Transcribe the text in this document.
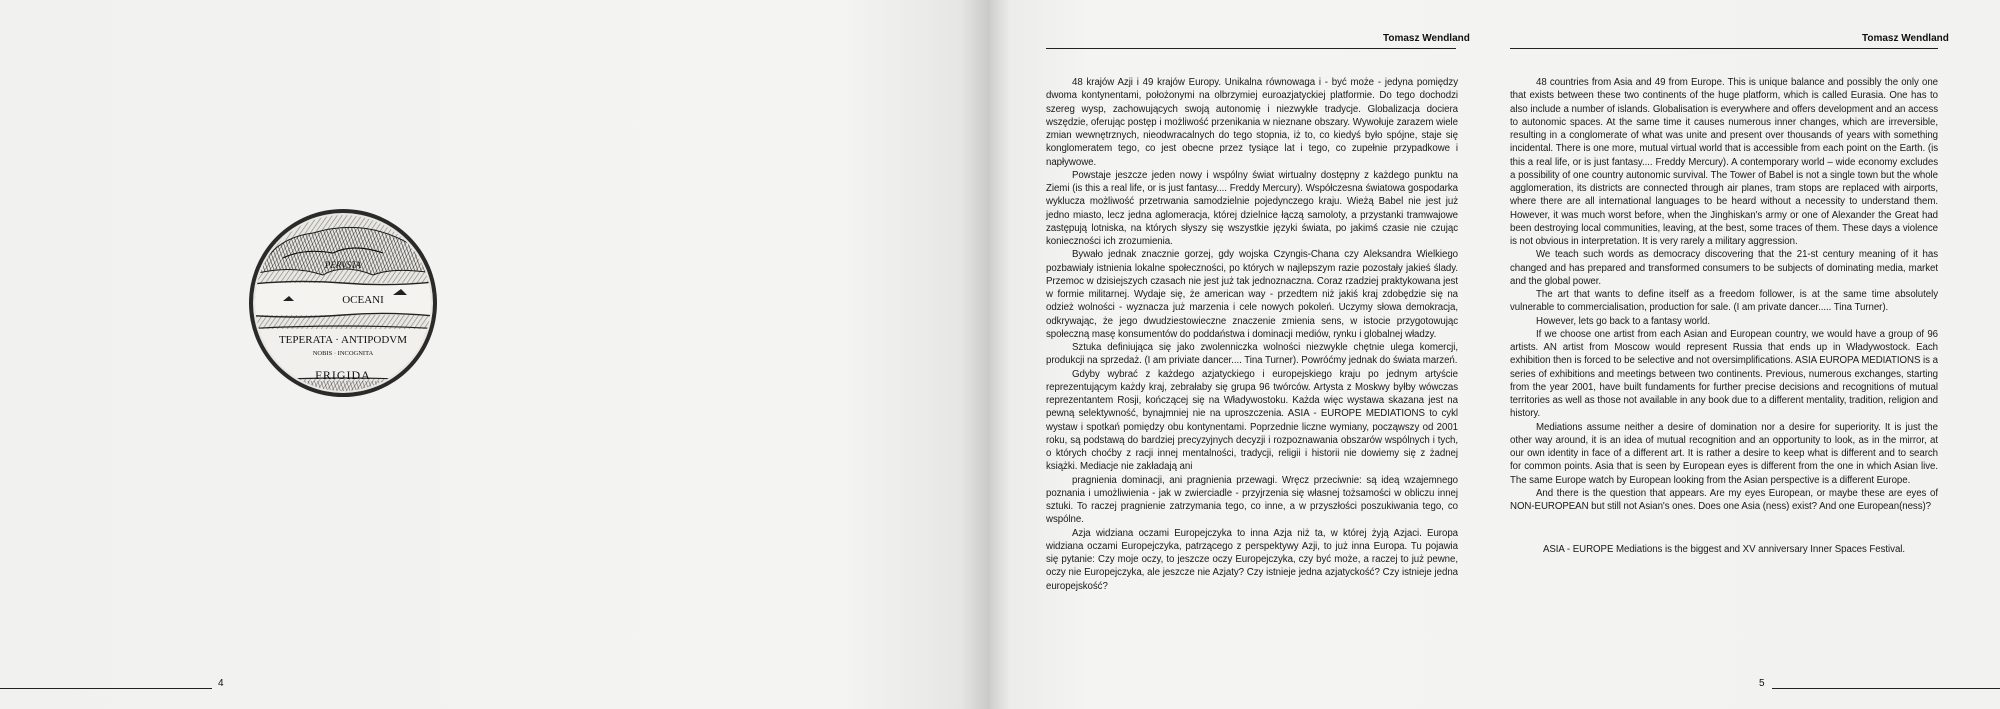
PERVSTA
OCEANI
TEPERATA · ANTIPODVM
NOBIS · INCOGNITA
FRIGIDA
4
Tomasz Wendland	Tomasz Wendland

48 krajów Azji i 49 krajów Europy. Unikalna równowaga i - być może - jedyna pomiędzy dwoma kontynentami, położonymi na olbrzymiej euroazjatyckiej platformie. Do tego dochodzi szereg wysp, zachowujących swoją autonomię i niezwykłe tradycje. Globalizacja dociera wszędzie, oferując postęp i możliwość przenikania w nieznane obszary. Wywołuje zarazem wiele zmian wewnętrznych, nieodwracalnych do tego stopnia, iż to, co kiedyś było spójne, staje się konglomeratem tego, co jest obecne przez tysiące lat i tego, co zupełnie przypadkowe i napływowe.

Powstaje jeszcze jeden nowy i wspólny świat wirtualny dostępny z każdego punktu na Ziemi (is this a real life, or is just fantasy.... Freddy Mercury). Współczesna światowa gospodarka wyklucza możliwość przetrwania samodzielnie pojedynczego kraju. Wieżą Babel nie jest już jedno miasto, lecz jedna aglomeracja, której dzielnice łączą samoloty, a przystanki tramwajowe zastępują lotniska, na których słyszy się wszystkie języki świata, po jakimś czasie nie czując konieczności ich zrozumienia.

Bywało jednak znacznie gorzej, gdy wojska Czyngis-Chana czy Aleksandra Wielkiego pozbawiały istnienia lokalne społeczności, po których w najlepszym razie pozostały jakieś ślady. Przemoc w dzisiejszych czasach nie jest już tak jednoznaczna. Coraz rzadziej praktykowana jest w formie militarnej. Wydaje się, że american way - przedtem niż jakiś kraj zdobędzie się na odzież wolności - wyznacza już marzenia i cele nowych pokoleń. Uczymy słowa demokracja, odkrywając, że jego dwudziestowieczne znaczenie zmienia sens, w istocie przygotowując społeczną masę konsumentów do poddaństwa i dominacji mediów, rynku i globalnej władzy.

Sztuka definiująca się jako zwolenniczka wolności niezwykle chętnie ulega komercji, produkcji na sprzedaż. (I am priviate dancer.... Tina Turner). Powróćmy jednak do świata marzeń.

Gdyby wybrać z każdego azjatyckiego i europejskiego kraju po jednym artyście reprezentującym każdy kraj, zebrałaby się grupa 96 twórców. Artysta z Moskwy byłby wówczas reprezentantem Rosji, kończącej się na Władywostoku. Każda więc wystawa skazana jest na pewną selektywność, bynajmniej nie na uproszczenia. ASIA - EUROPE MEDIATIONS to cykl wystaw i spotkań pomiędzy obu kontynentami. Poprzednie liczne wymiany, począwszy od 2001 roku, są podstawą do bardziej precyzyjnych decyzji i rozpoznawania obszarów wspólnych i tych, o których choćby z racji innej mentalności, tradycji, religii i historii nie dowiemy się z żadnej książki. Mediacje nie zakładają ani

pragnienia dominacji, ani pragnienia przewagi. Wręcz przeciwnie: są ideą wzajemnego poznania i umożliwienia - jak w zwierciadle - przyjrzenia się własnej tożsamości w obliczu innej sztuki. To raczej pragnienie zatrzymania tego, co inne, a w przyszłości poszukiwania tego, co wspólne.

Azja widziana oczami Europejczyka to inna Azja niż ta, w której żyją Azjaci. Europa widziana oczami Europejczyka, patrzącego z perspektywy Azji, to już inna Europa. Tu pojawia się pytanie: Czy moje oczy, to jeszcze oczy Europejczyka, czy być może, a raczej to już pewne, oczy nie Europejczyka, ale jeszcze nie Azjaty? Czy istnieje jedna azjatyckość? Czy istnieje jedna europejskość?

48 countries from Asia and 49 from Europe. This is unique balance and possibly the only one that exists between these two continents of the huge platform, which is called Eurasia. One has to also include a number of islands. Globalisation is everywhere and offers development and an access to autonomic spaces. At the same time it causes numerous inner changes, which are irreversible, resulting in a conglomerate of what was unite and present over thousands of years with something incidental. There is one more, mutual virtual world that is accessible from each point on the Earth. (is this a real life, or is just fantasy.... Freddy Mercury). A contemporary world – wide economy excludes a possibility of one country autonomic survival. The Tower of Babel is not a single town but the whole agglomeration, its districts are connected through air planes, tram stops are replaced with airports, where there are all international languages to be heard without a necessity to understand them. However, it was much worst before, when the Jinghiskan's army or one of Alexander the Great had been destroying local communities, leaving, at the best, some traces of them. These days a violence is not obvious in interpretation. It is very rarely a military aggression.

We teach such words as democracy discovering that the 21-st century meaning of it has changed and has prepared and transformed consumers to be subjects of dominating media, market and the global power.

The art that wants to define itself as a freedom follower, is at the same time absolutely vulnerable to commercialisation, production for sale. (I am private dancer..... Tina Turner).

However, lets go back to a fantasy world.

If we choose one artist from each Asian and European country, we would have a group of 96 artists. AN artist from Moscow would represent Russia that ends up in Władywostock. Each exhibition then is forced to be selective and not oversimplifications. ASIA EUROPA MEDIATIONS is a series of exhibitions and meetings between two continents. Previous, numerous exchanges, starting from the year 2001, have built fundaments for further precise decisions and recognitions of mutual territories as well as those not available in any book due to a different mentality, tradition, religion and history.

Mediations assume neither a desire of domination nor a desire for superiority. It is just the other way around, it is an idea of mutual recognition and an opportunity to look, as in the mirror, at our own identity in face of a different art. It is rather a desire to keep what is different and to search for common points. Asia that is seen by European eyes is different from the one in which Asian live. The same Europe watch by European looking from the Asian perspective is a different Europe.

And there is the question that appears. Are my eyes European, or maybe these are eyes of NON-EUROPEAN but still not Asian's ones. Does one Asia (ness) exist? And one European(ness)?

ASIA - EUROPE Mediations is the biggest and XV anniversary Inner Spaces Festival.

5
